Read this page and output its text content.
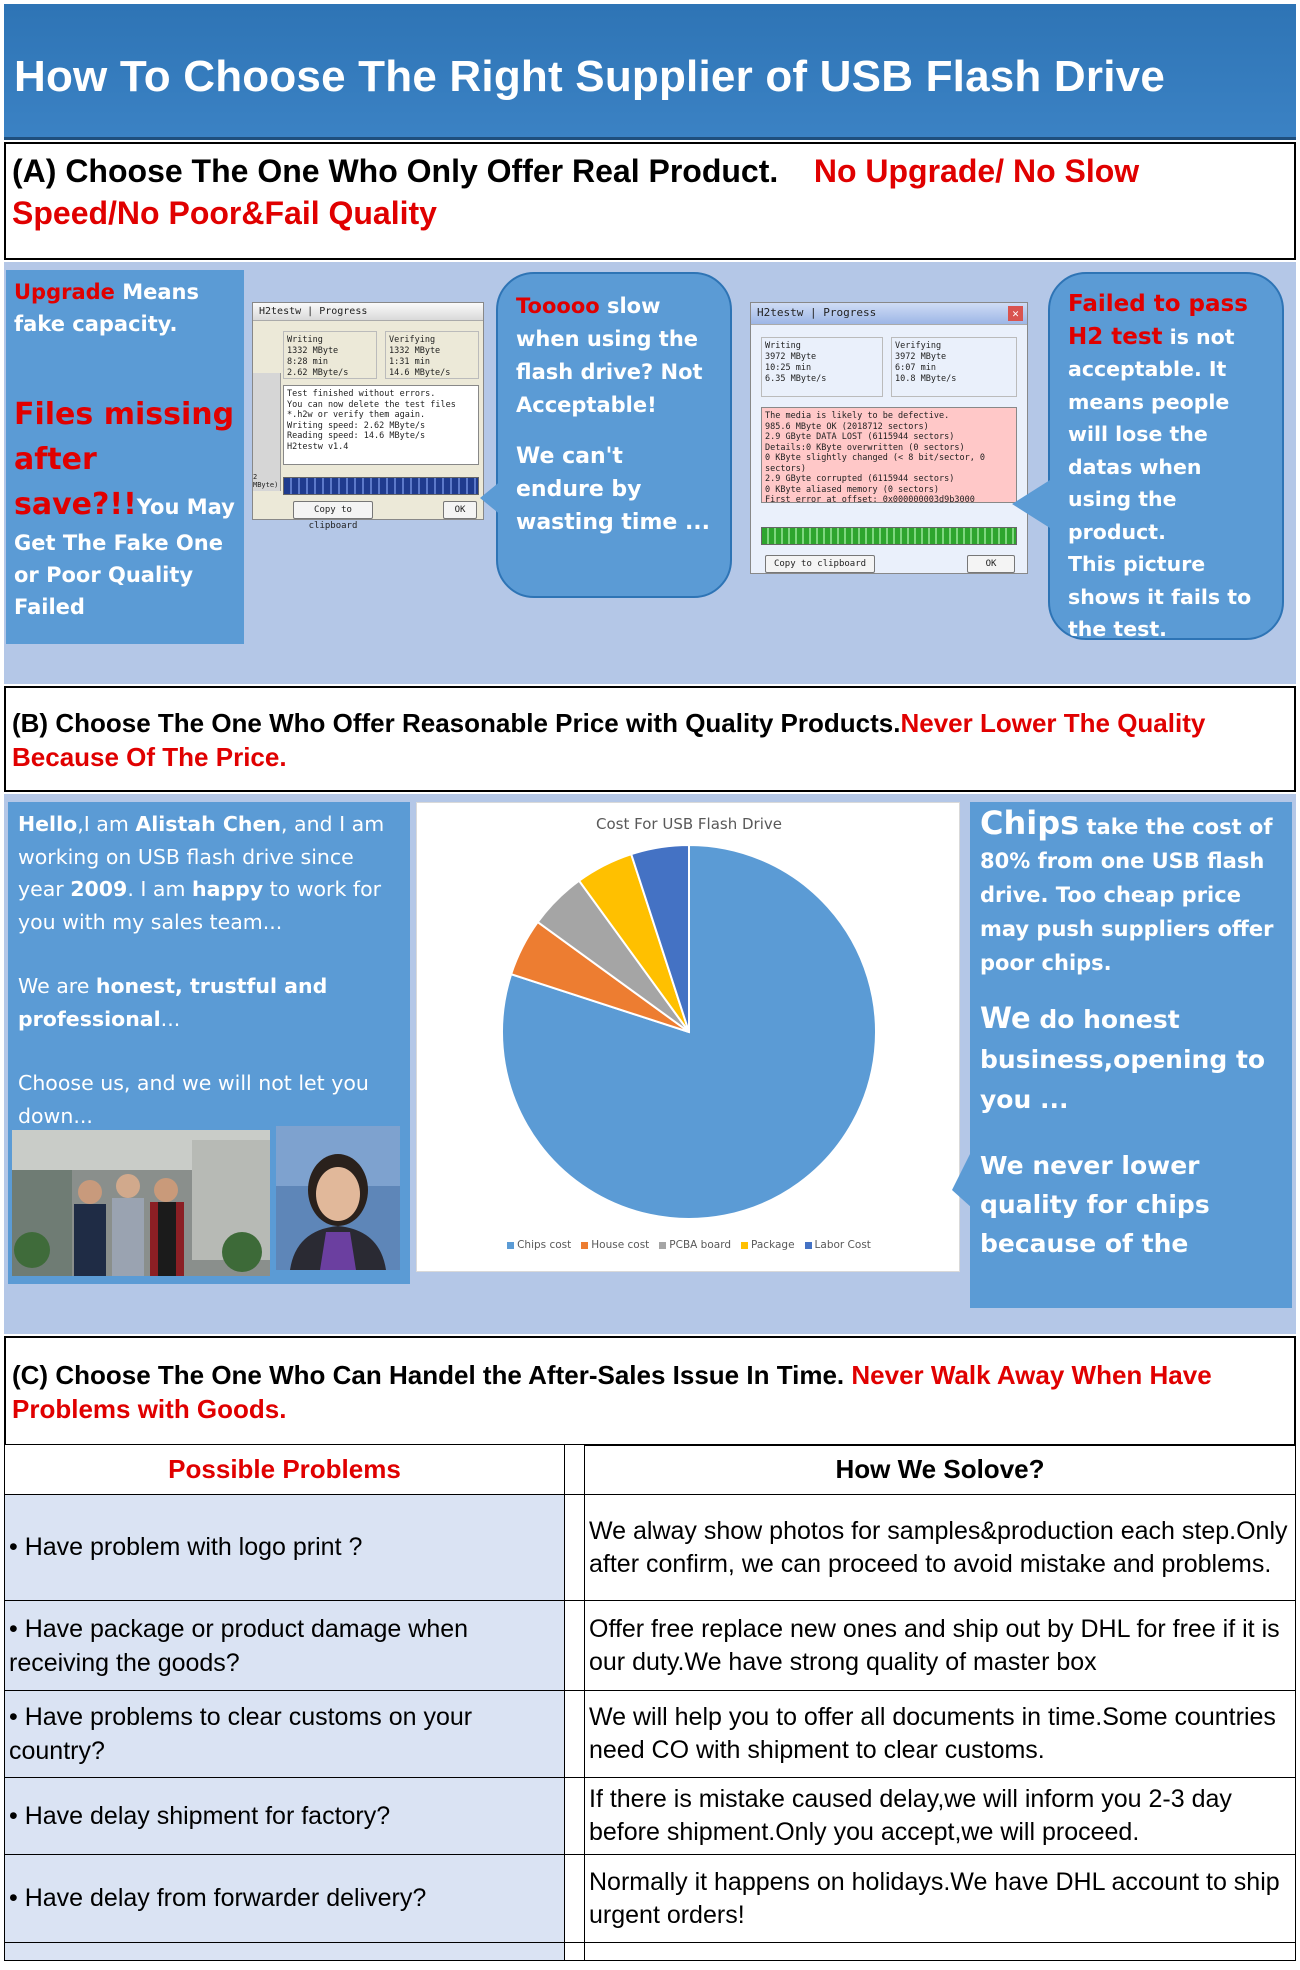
How To Choose The Right Supplier of USB Flash Drive
(A) Choose The One Who Only Offer Real Product. No Upgrade/ No Slow Speed/No Poor&Fail Quality
Upgrade Means fake capacity.
Files missing after save?!!You May Get The Fake One or Poor Quality Failed
H2testw | Progress
Writing
1332 MByte
8:28 min
2.62 MByte/s
Verifying
1332 MByte
1:31 min
14.6 MByte/s
2 MByte)
Test finished without errors.
You can now delete the test files *.h2w or verify them again.
Writing speed: 2.62 MByte/s
Reading speed: 14.6 MByte/s
H2testw v1.4
Copy to clipboard
OK
Tooooo slow when using the flash drive? Not Acceptable!
We can't endure by wasting time ...
H2testw | Progress	✕
Writing
3972 MByte
10:25 min
6.35 MByte/s
Verifying
3972 MByte
6:07 min
10.8 MByte/s
The media is likely to be defective.
985.6 MByte OK (2018712 sectors)
2.9 GByte DATA LOST (6115944 sectors)
Details:0 KByte overwritten (0 sectors)
0 KByte slightly changed (< 8 bit/sector, 0 sectors)
2.9 GByte corrupted (6115944 sectors)
0 KByte aliased memory (0 sectors)
First error at offset: 0x000000003d9b3000
Copy to clipboard	OK
Failed to pass H2 test is not acceptable. It means people will lose the datas when using the product.
This picture shows it fails to the test.
(B) Choose The One Who Offer Reasonable Price with Quality Products.Never Lower The Quality Because Of The Price.
Hello,I am Alistah Chen, and I am working on USB flash drive since year 2009. I am happy to work for you with my sales team...
We are honest, trustful and professional...
Choose us, and we will not let you down...
Cost For USB Flash Drive
Chips cost House cost PCBA board Package Labor Cost
Chips take the cost of 80% from one USB flash drive. Too cheap price may push suppliers offer poor chips.
We do honest business,opening to you ...
We never lower quality for chips because of the
(C) Choose The One Who Can Handel the After-Sales Issue In Time. Never Walk Away When Have Problems with Goods.
Possible Problems		How We Solove?
• Have problem with logo print ?		We alway show photos for samples&production each step.Only after confirm, we can proceed to avoid mistake and problems.
• Have package or product damage when receiving the goods?		Offer free replace new ones and ship out by DHL for free if it is our duty.We have strong quality of master box
• Have problems to clear customs on your country?		We will help you to offer all documents in time.Some countries need CO with shipment to clear customs.
• Have delay shipment for factory?		If there is mistake caused delay,we will inform you 2-3 day before shipment.Only you accept,we will proceed.
• Have delay from forwarder delivery?		Normally it happens on holidays.We have DHL account to ship urgent orders!
